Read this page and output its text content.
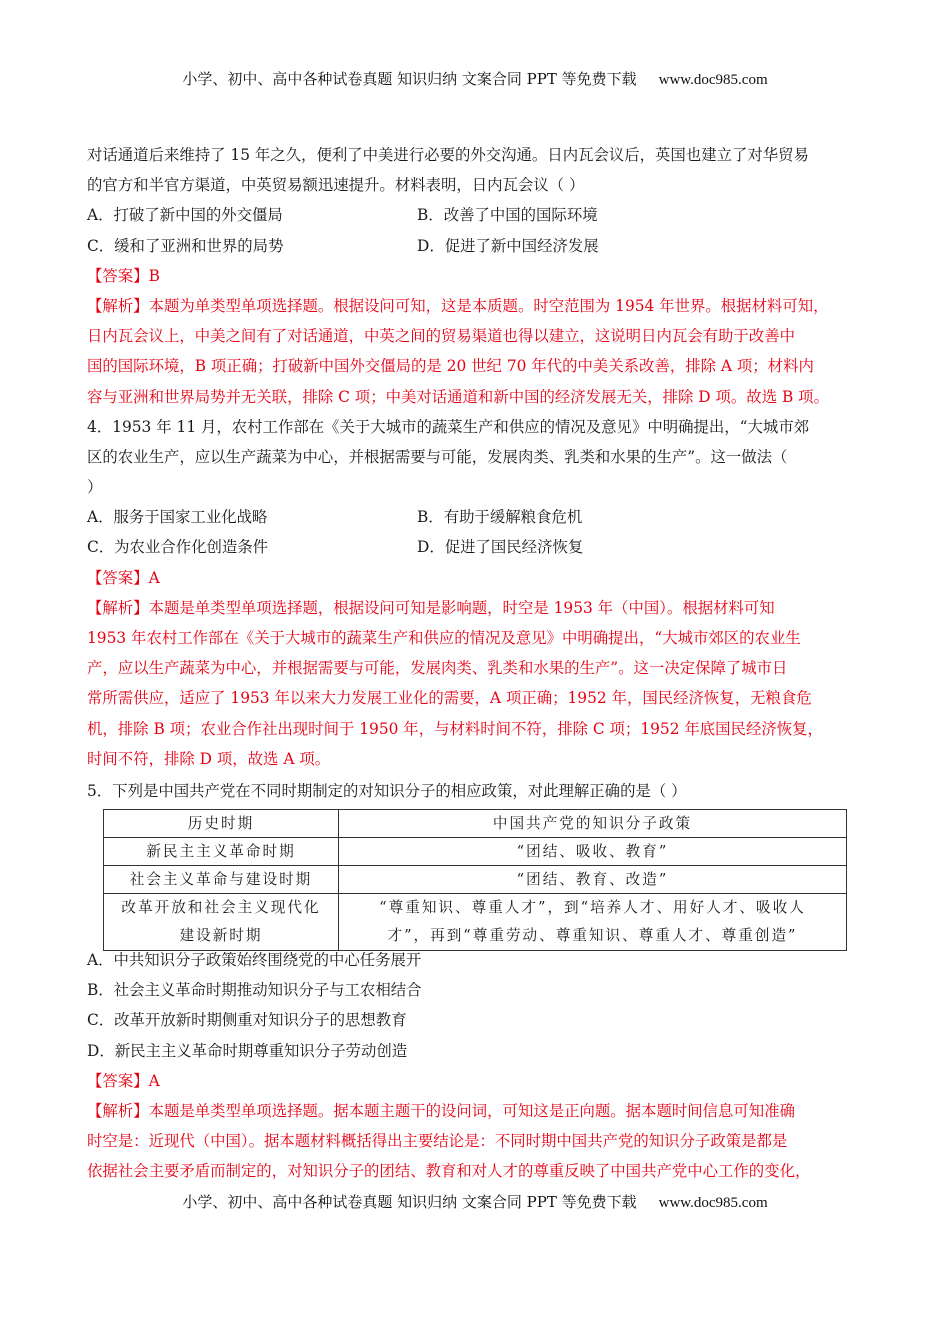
小学、初中、高中各种试卷真题 知识归纳 文案合同 PPT 等免费下载 www.doc985.com
对话通道后来维持了 15 年之久，便利了中美进行必要的外交沟通。日内瓦会议后，英国也建立了对华贸易
的官方和半官方渠道，中英贸易额迅速提升。材料表明，日内瓦会议（ ）
A．打破了新中国的外交僵局	B．改善了中国的国际环境
C．缓和了亚洲和世界的局势	D．促进了新中国经济发展
【答案】B
【解析】本题为单类型单项选择题。根据设问可知，这是本质题。时空范围为 1954 年世界。根据材料可知，
日内瓦会议上，中美之间有了对话通道，中英之间的贸易渠道也得以建立，这说明日内瓦会有助于改善中
国的国际环境，B 项正确；打破新中国外交僵局的是 20 世纪 70 年代的中美关系改善，排除 A 项；材料内
容与亚洲和世界局势并无关联，排除 C 项；中美对话通道和新中国的经济发展无关，排除 D 项。故选 B 项。
4．1953 年 11 月，农村工作部在《关于大城市的蔬菜生产和供应的情况及意见》中明确提出，“大城市郊
区的农业生产，应以生产蔬菜为中心，并根据需要与可能，发展肉类、乳类和水果的生产”。这一做法（
）
A．服务于国家工业化战略	B．有助于缓解粮食危机
C．为农业合作化创造条件	D．促进了国民经济恢复
【答案】A
【解析】本题是单类型单项选择题，根据设问可知是影响题，时空是 1953 年（中国）。根据材料可知
1953 年农村工作部在《关于大城市的蔬菜生产和供应的情况及意见》中明确提出，“大城市郊区的农业生
产，应以生产蔬菜为中心，并根据需要与可能，发展肉类、乳类和水果的生产”。这一决定保障了城市日
常所需供应，适应了 1953 年以来大力发展工业化的需要，A 项正确；1952 年，国民经济恢复，无粮食危
机，排除 B 项；农业合作社出现时间于 1950 年，与材料时间不符，排除 C 项；1952 年底国民经济恢复，
时间不符，排除 D 项，故选 A 项。
5．下列是中国共产党在不同时期制定的对知识分子的相应政策，对此理解正确的是（ ）
历史时期	中国共产党的知识分子政策
新民主主义革命时期	“团结、吸收、教育”
社会主义革命与建设时期	“团结、教育、改造”

改革开放和社会主义现代化
建设新时期

“尊重知识、尊重人才”，到“培养人才、用好人才、吸收人
才”，再到“尊重劳动、尊重知识、尊重人才、尊重创造”
A．中共知识分子政策始终围绕党的中心任务展开
B．社会主义革命时期推动知识分子与工农相结合
C．改革开放新时期侧重对知识分子的思想教育
D．新民主主义革命时期尊重知识分子劳动创造
【答案】A
【解析】本题是单类型单项选择题。据本题主题干的设问词，可知这是正向题。据本题时间信息可知准确
时空是：近现代（中国）。据本题材料概括得出主要结论是：不同时期中国共产党的知识分子政策是都是
依据社会主要矛盾而制定的，对知识分子的团结、教育和对人才的尊重反映了中国共产党中心工作的变化，
小学、初中、高中各种试卷真题 知识归纳 文案合同 PPT 等免费下载 www.doc985.com
